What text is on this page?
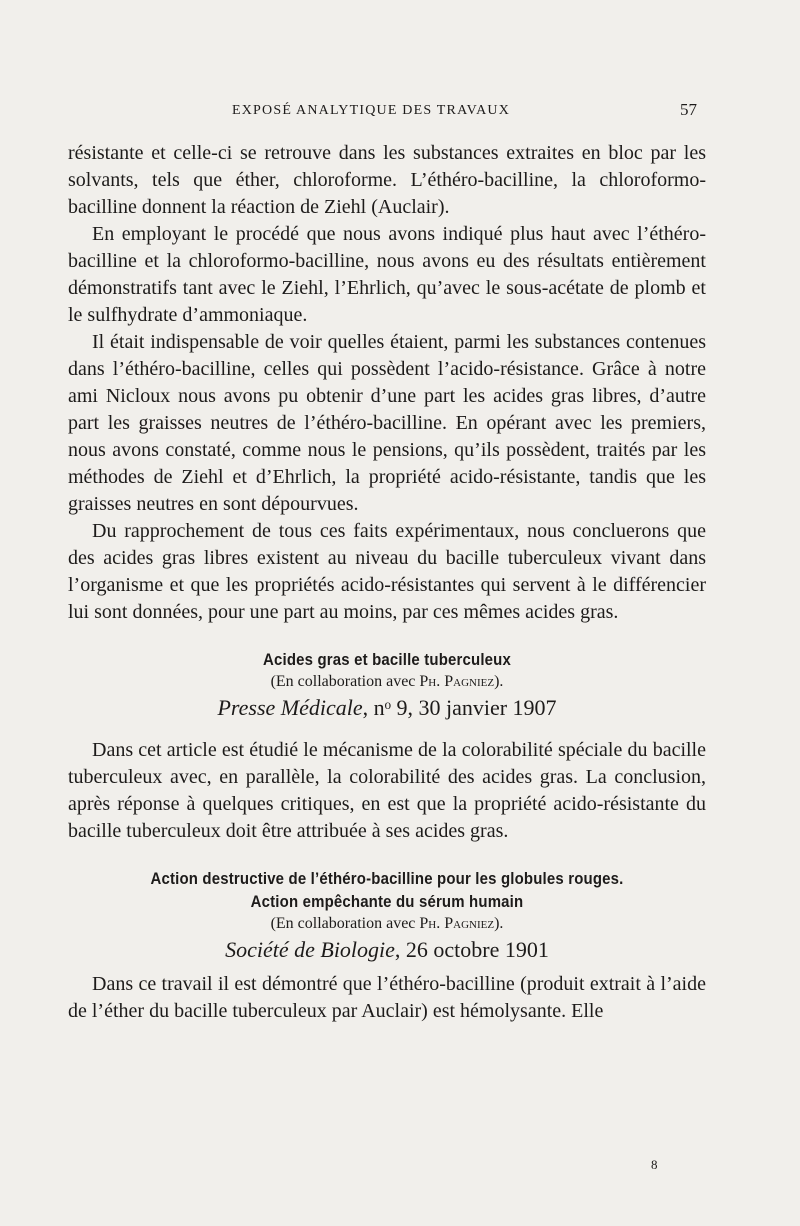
EXPOSÉ ANALYTIQUE DES TRAVAUX	57

résistante et celle-ci se retrouve dans les substances extraites en bloc par les solvants, tels que éther, chloroforme. L’éthéro-bacilline, la chloroformo-bacilline donnent la réaction de Ziehl (Auclair).

En employant le procédé que nous avons indiqué plus haut avec l’éthéro-bacilline et la chloroformo-bacilline, nous avons eu des résultats entièrement démonstratifs tant avec le Ziehl, l’Ehrlich, qu’avec le sous-acétate de plomb et le sulfhydrate d’ammoniaque.

Il était indispensable de voir quelles étaient, parmi les substances contenues dans l’éthéro-bacilline, celles qui possèdent l’acido-résistance. Grâce à notre ami Nicloux nous avons pu obtenir d’une part les acides gras libres, d’autre part les graisses neutres de l’éthéro-bacilline. En opérant avec les premiers, nous avons constaté, comme nous le pensions, qu’ils possèdent, traités par les méthodes de Ziehl et d’Ehrlich, la propriété acido-résistante, tandis que les graisses neutres en sont dépourvues.

Du rapprochement de tous ces faits expérimentaux, nous concluerons que des acides gras libres existent au niveau du bacille tuberculeux vivant dans l’organisme et que les propriétés acido-résistantes qui servent à le différencier lui sont données, pour une part au moins, par ces mêmes acides gras.

Acides gras et bacille tuberculeux
(En collaboration avec Ph. Pagniez).
Presse Médicale, nᵒ 9, 30 janvier 1907

Dans cet article est étudié le mécanisme de la colorabilité spéciale du bacille tuberculeux avec, en parallèle, la colorabilité des acides gras. La conclusion, après réponse à quelques critiques, en est que la propriété acido-résistante du bacille tuberculeux doit être attribuée à ses acides gras.

Action destructive de l’éthéro-bacilline pour les globules rouges.
Action empêchante du sérum humain
(En collaboration avec Ph. Pagniez).
Société de Biologie, 26 octobre 1901

Dans ce travail il est démontré que l’éthéro-bacilline (produit extrait à l’aide de l’éther du bacille tuberculeux par Auclair) est hémolysante. Elle

8
